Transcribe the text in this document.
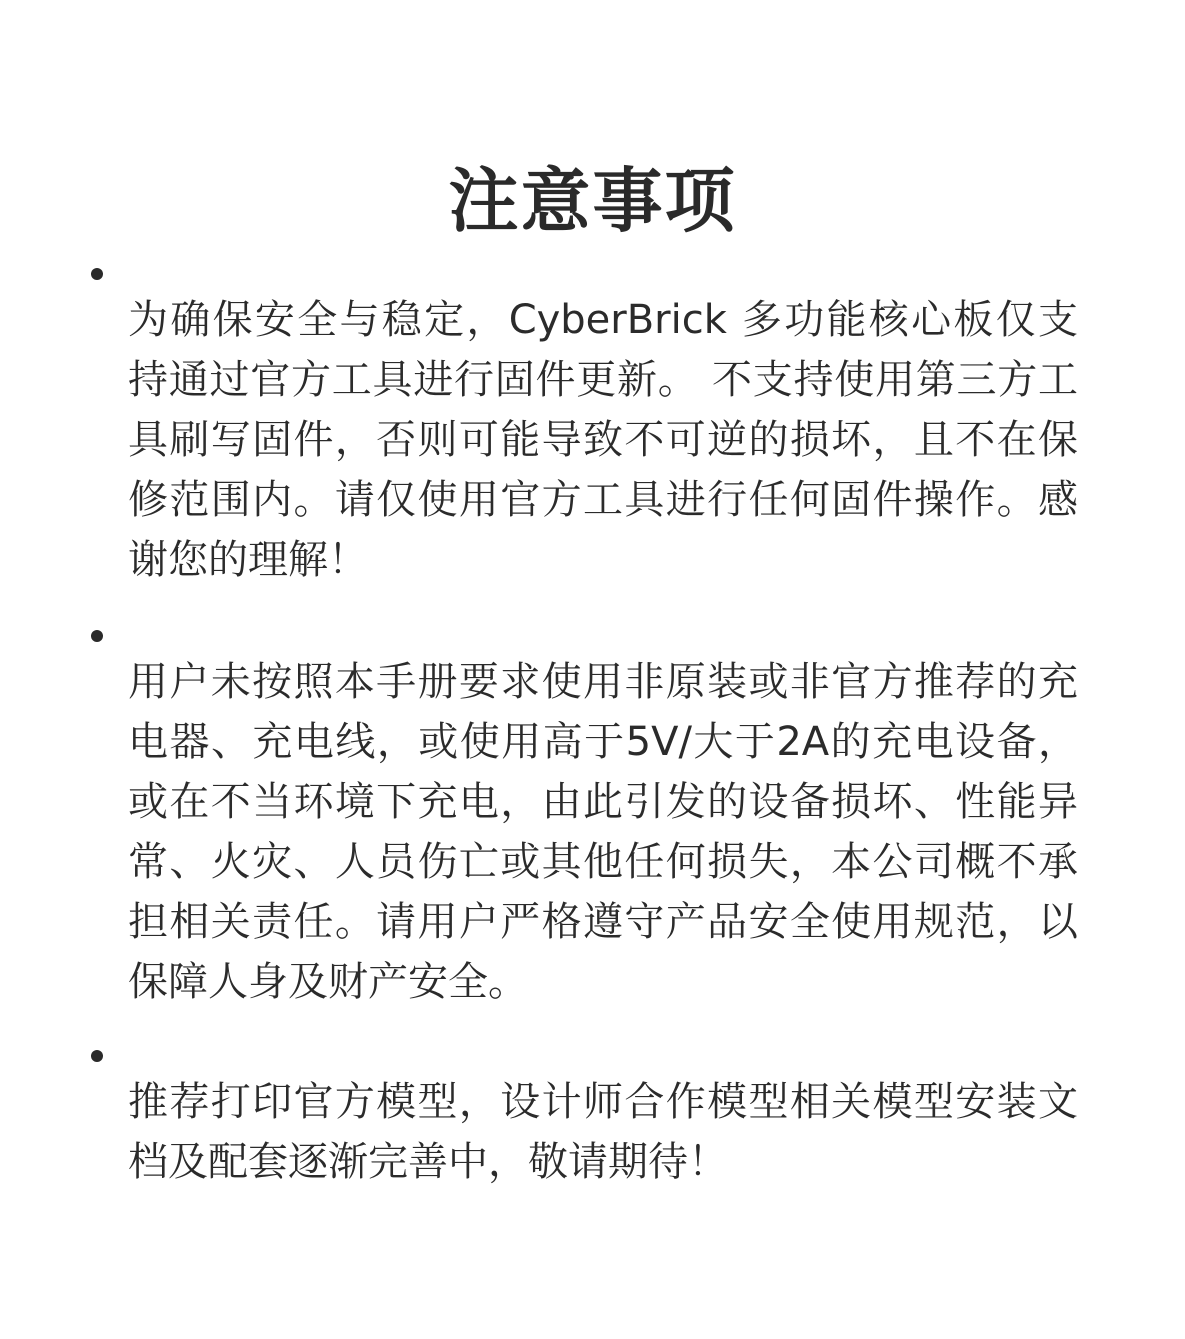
注意事项

为确保安全与稳定，CyberBrick 多功能核心板仅支持通过官方工具进行固件更新。 不支持使用第三方工具刷写固件，否则可能导致不可逆的损坏，且不在保修范围内。请仅使用官方工具进行任何固件操作。感谢您的理解！

用户未按照本手册要求使用非原装或非官方推荐的充电器、充电线，或使用高于5V/大于2A的充电设备，或在不当环境下充电，由此引发的设备损坏、性能异常、火灾、人员伤亡或其他任何损失，本公司概不承担相关责任。请用户严格遵守产品安全使用规范，以保障人身及财产安全。

推荐打印官方模型，设计师合作模型相关模型安装文档及配套逐渐完善中，敬请期待！
